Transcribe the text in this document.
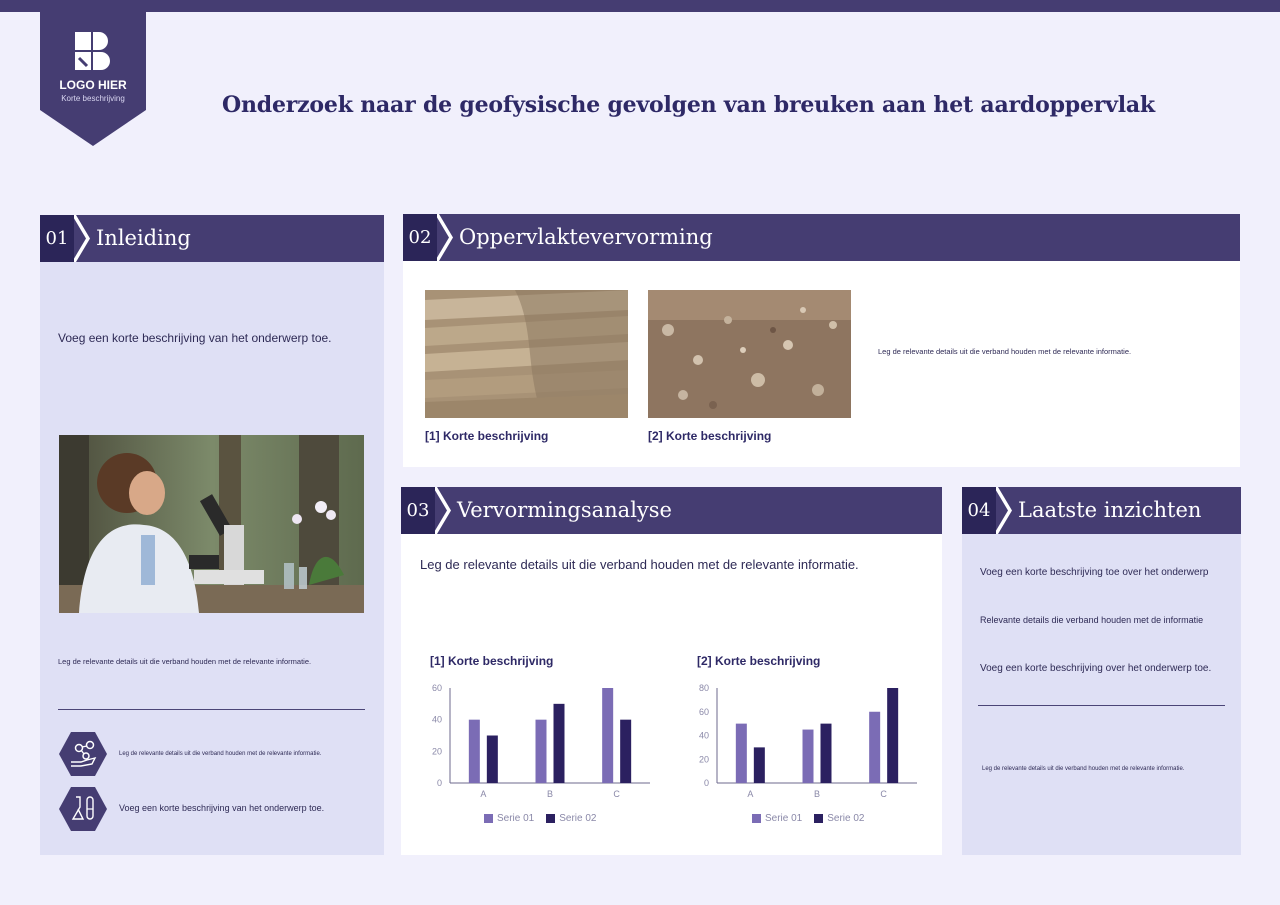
LOGO HIER
Korte beschrijving	Onderzoek naar de geofysische gevolgen van breuken aan het aardoppervlak
01 Inleiding
Voeg een korte beschrijving van het onderwerp toe.
Leg de relevante details uit die verband houden met de relevante informatie.
Leg de relevante details uit die verband houden met de relevante informatie.
Voeg een korte beschrijving van het onderwerp toe.
02 Oppervlaktevervorming
[1] Korte beschrijving	[2] Korte beschrijving
Leg de relevante details uit die verband houden met de relevante informatie.
03 Vervormingsanalyse
Leg de relevante details uit die verband houden met de relevante informatie.
[1] Korte beschrijving
0
20
40
60
A	B	C
Serie 01	Serie 02
[2] Korte beschrijving
0
20
40
60
80
A	B	C
Serie 01	Serie 02
04 Laatste inzichten
Voeg een korte beschrijving toe over het onderwerp
Relevante details die verband houden met de informatie
Voeg een korte beschrijving over het onderwerp toe.
Leg de relevante details uit die verband houden met de relevante informatie.
